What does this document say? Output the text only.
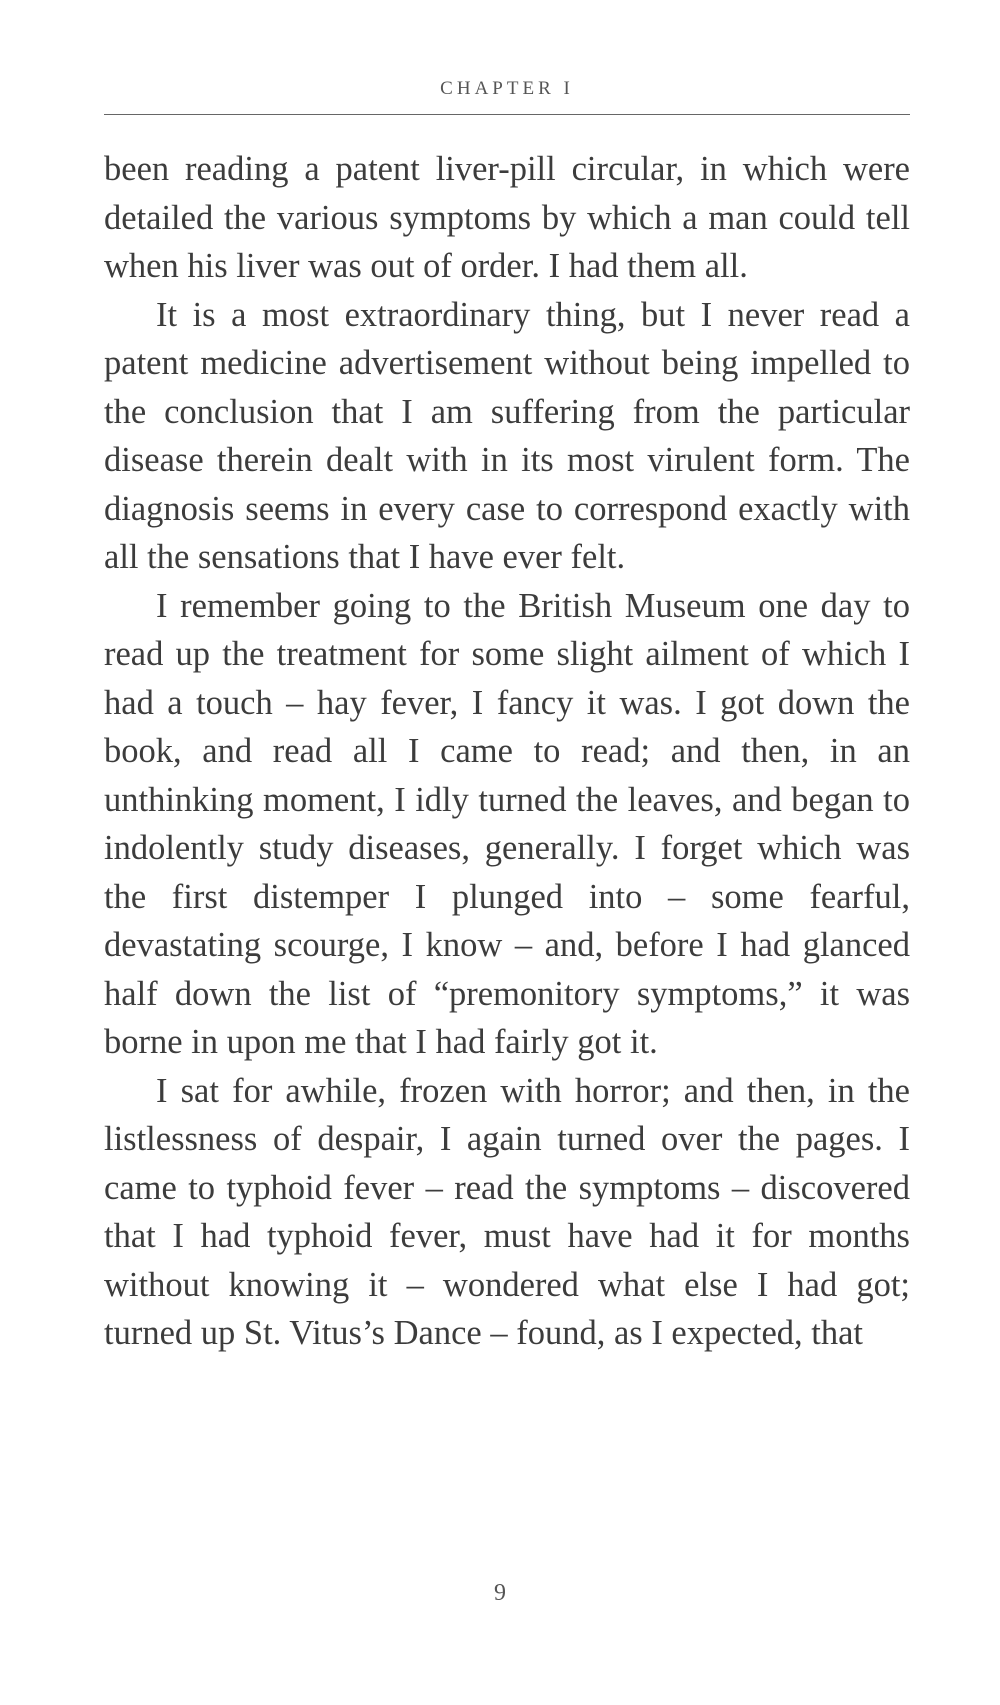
CHAPTER I

been reading a patent liver-pill circular, in which were detailed the various symptoms by which a man could tell when his liver was out of order. I had them all.

It is a most extraordinary thing, but I never read a patent medicine advertisement without being impelled to the conclusion that I am suffering from the particular disease therein dealt with in its most virulent form. The diagnosis seems in every case to correspond exactly with all the sensations that I have ever felt.

I remember going to the British Museum one day to read up the treatment for some slight ailment of which I had a touch – hay fever, I fancy it was. I got down the book, and read all I came to read; and then, in an unthinking moment, I idly turned the leaves, and began to indolently study diseases, generally. I forget which was the first distemper I plunged into – some fearful, devastating scourge, I know – and, before I had glanced half down the list of “premonitory symptoms,” it was borne in upon me that I had fairly got it.

I sat for awhile, frozen with horror; and then, in the listlessness of despair, I again turned over the pages. I came to typhoid fever – read the symptoms – discovered that I had typhoid fever, must have had it for months without knowing it – wondered what else I had got; turned up St. Vitus’s Dance – found, as I expected, that

9
